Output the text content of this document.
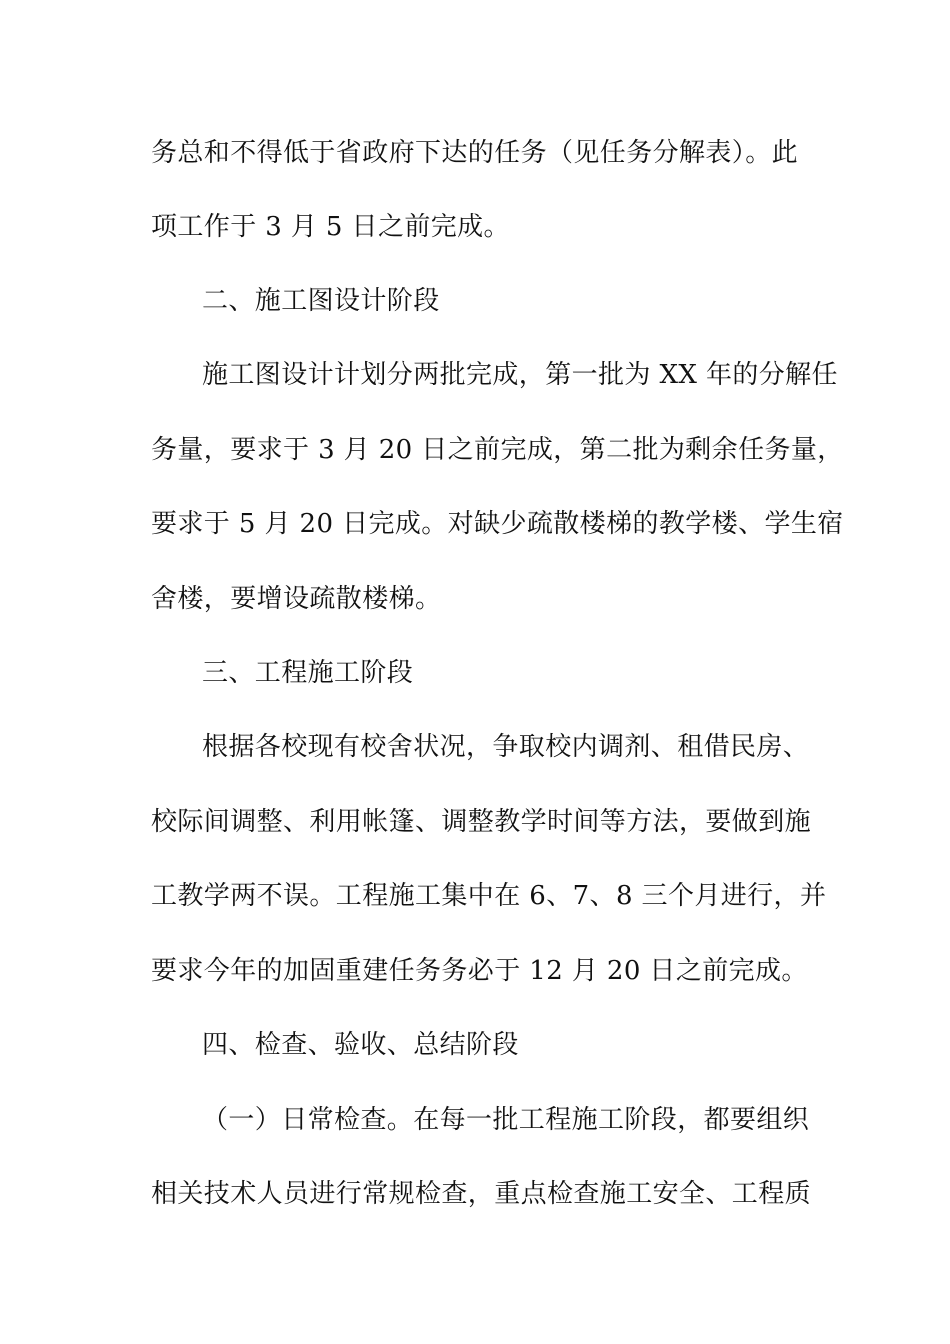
务总和不得低于省政府下达的任务（见任务分解表）。此
项工作于 3 月 5 日之前完成。
二、施工图设计阶段
施工图设计计划分两批完成，第一批为 XX 年的分解任
务量，要求于 3 月 20 日之前完成，第二批为剩余任务量，
要求于 5 月 20 日完成。对缺少疏散楼梯的教学楼、学生宿
舍楼，要增设疏散楼梯。
三、工程施工阶段
根据各校现有校舍状况，争取校内调剂、租借民房、
校际间调整、利用帐篷、调整教学时间等方法，要做到施
工教学两不误。工程施工集中在 6、7、8 三个月进行，并
要求今年的加固重建任务务必于 12 月 20 日之前完成。
四、检查、验收、总结阶段
（一）日常检查。在每一批工程施工阶段，都要组织
相关技术人员进行常规检查，重点检查施工安全、工程质
